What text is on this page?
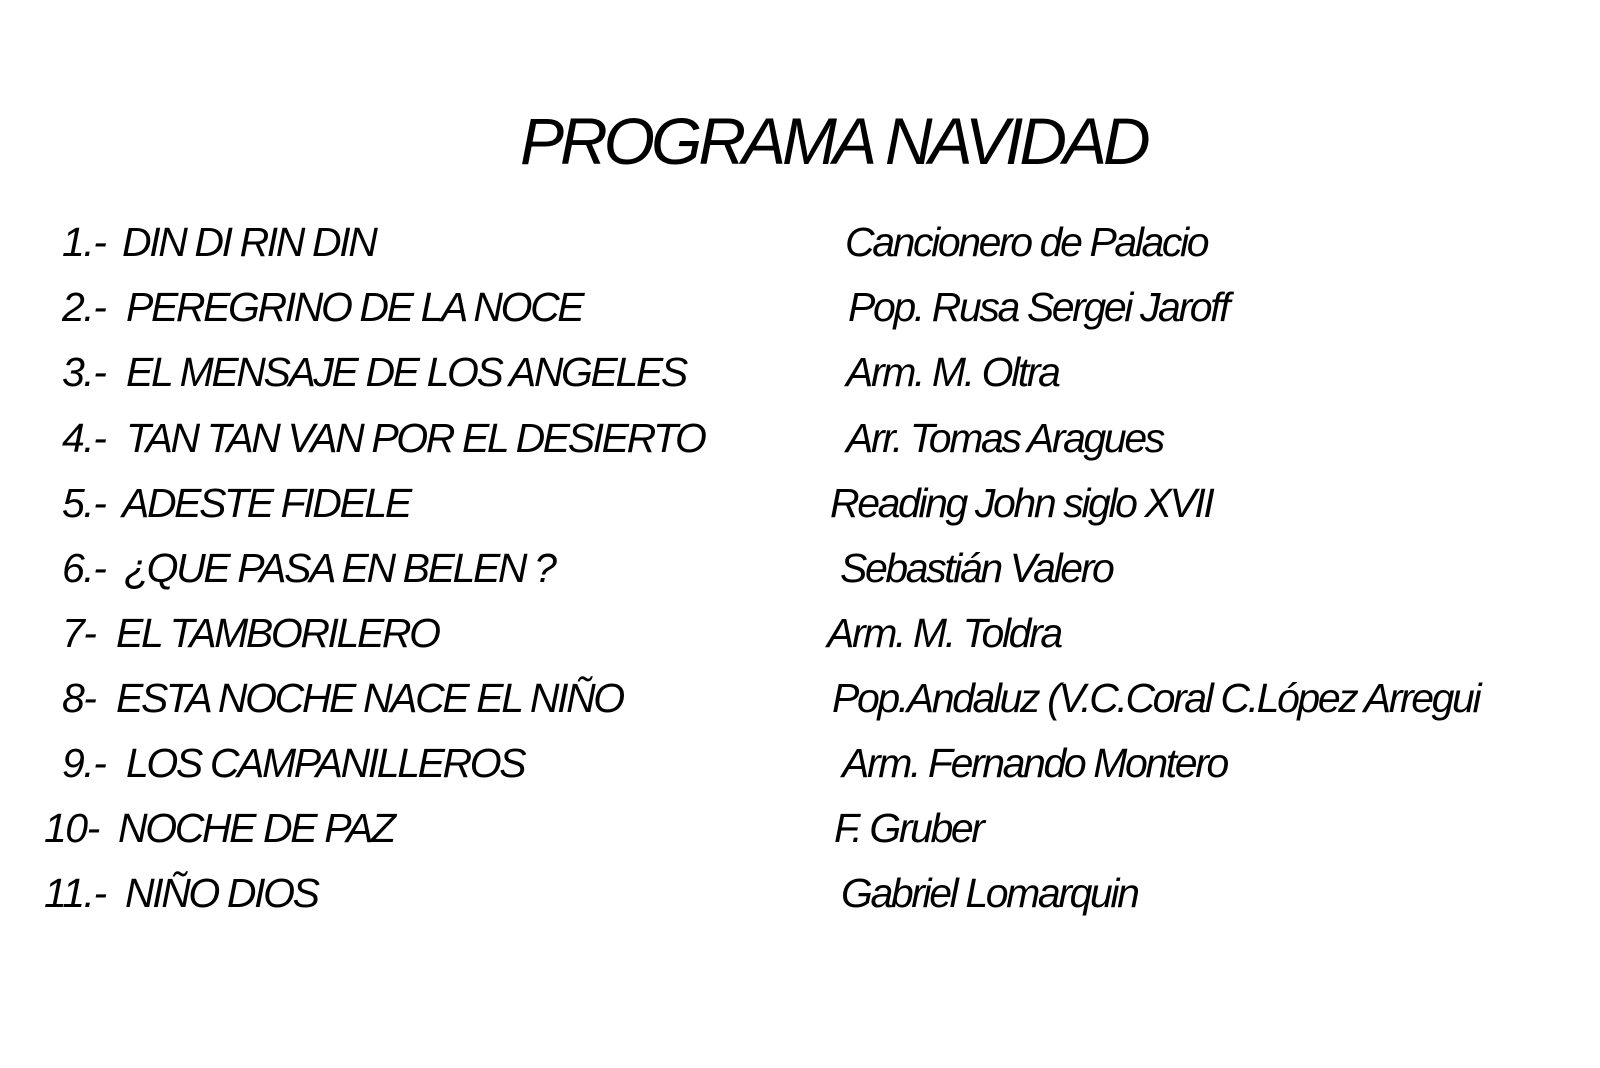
PROGRAMA NAVIDAD
1.- DIN DI RIN DIN	Cancionero de Palacio
2.- PEREGRINO DE LA NOCE	Pop. Rusa Sergei Jaroff
3.- EL MENSAJE DE LOS ANGELES	Arm. M. Oltra
4.- TAN TAN VAN POR EL DESIERTO	Arr. Tomas Aragues
5.- ADESTE FIDELE	Reading John siglo XVII
6.- ¿QUE PASA EN BELEN ?	Sebastián Valero
7- EL TAMBORILERO	Arm. M. Toldra
8- ESTA NOCHE NACE EL NIÑO	Pop.Andaluz (V.C.Coral C.López Arregui
9.- LOS CAMPANILLEROS	Arm. Fernando Montero
10- NOCHE DE PAZ	F. Gruber
11.- NIÑO DIOS	Gabriel Lomarquin
